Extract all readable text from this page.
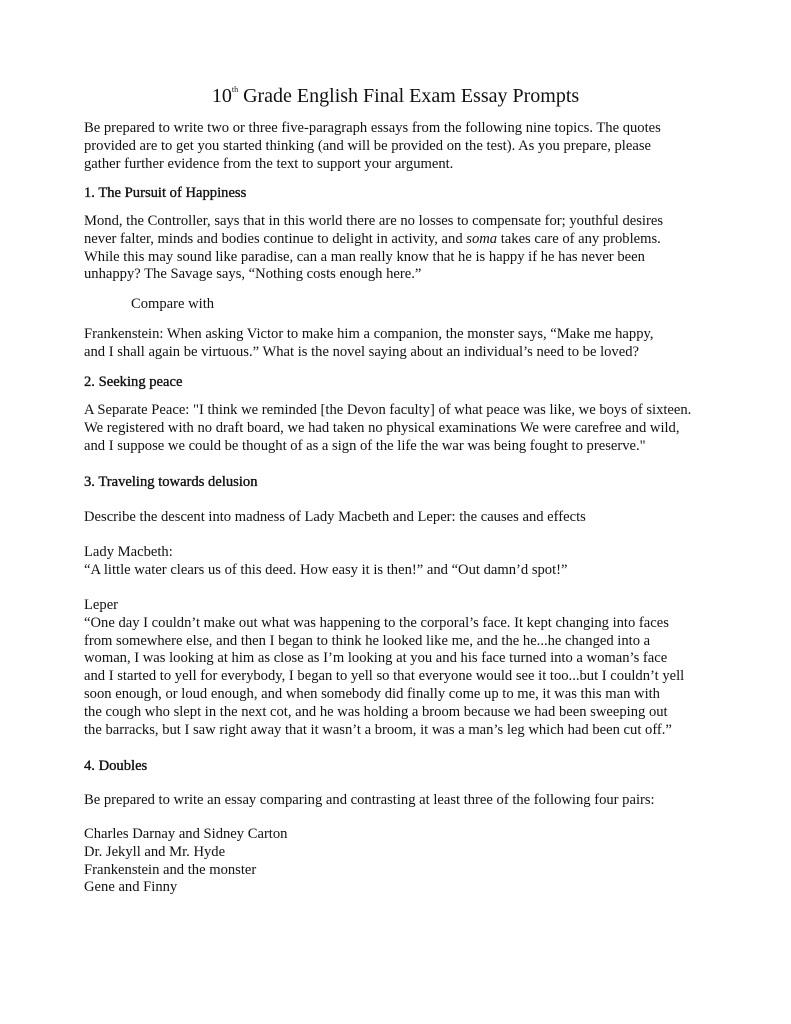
10th Grade English Final Exam Essay Prompts
Be prepared to write two or three five-paragraph essays from the following nine topics. The quotes
provided are to get you started thinking (and will be provided on the test). As you prepare, please
gather further evidence from the text to support your argument.
1. The Pursuit of Happiness
Mond, the Controller, says that in this world there are no losses to compensate for; youthful desires
never falter, minds and bodies continue to delight in activity, and soma takes care of any problems.
While this may sound like paradise, can a man really know that he is happy if he has never been
unhappy? The Savage says, “Nothing costs enough here.”

Compare with

Frankenstein: When asking Victor to make him a companion, the monster says, “Make me happy,
and I shall again be virtuous.” What is the novel saying about an individual’s need to be loved?
2. Seeking peace
A Separate Peace: "I think we reminded [the Devon faculty] of what peace was like, we boys of sixteen.
We registered with no draft board, we had taken no physical examinations We were carefree and wild,
and I suppose we could be thought of as a sign of the life the war was being fought to preserve."
3. Traveling towards delusion
Describe the descent into madness of Lady Macbeth and Leper: the causes and effects
Lady Macbeth:
“A little water clears us of this deed. How easy it is then!” and “Out damn’d spot!”
Leper
“One day I couldn’t make out what was happening to the corporal’s face. It kept changing into faces
from somewhere else, and then I began to think he looked like me, and the he...he changed into a
woman, I was looking at him as close as I’m looking at you and his face turned into a woman’s face
and I started to yell for everybody, I began to yell so that everyone would see it too...but I couldn’t yell
soon enough, or loud enough, and when somebody did finally come up to me, it was this man with
the cough who slept in the next cot, and he was holding a broom because we had been sweeping out
the barracks, but I saw right away that it wasn’t a broom, it was a man’s leg which had been cut off.”
4. Doubles
Be prepared to write an essay comparing and contrasting at least three of the following four pairs:
Charles Darnay and Sidney Carton
Dr. Jekyll and Mr. Hyde
Frankenstein and the monster
Gene and Finny
